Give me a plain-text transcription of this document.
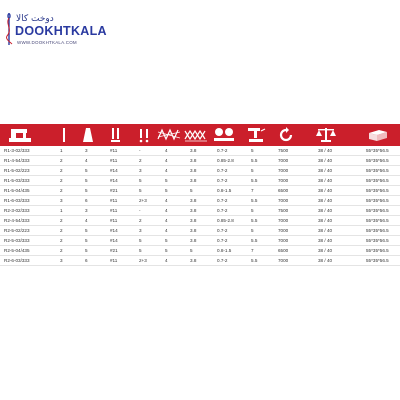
دوخت کالا
DOOKHTKALA
WWW.DOOKHTKALA.COM
R1-3-02/333	1	3	#11	-	4	3.8	0.7-2	5	7500	38 / 40	55*35*56.5
R1-4-54/333	2	4	#11	2	4	3.8	0.85-2.8	5.5	7000	38 / 40	55*35*56.5
R1-5-02/223	2	5	#14	3	4	3.8	0.7-2	5	7000	38 / 40	55*35*56.5
R1-5-03/333	2	5	#14	5	5	3.8	0.7-2	5.5	7000	38 / 40	55*35*56.5
R1-5-04/435	2	5	#21	5	5	5	0.8-1.5	7	6500	38 / 40	55*35*56.5
R1-6-03/333	3	6	#11	2+3	4	3.8	0.7-2	5.5	7000	38 / 40	55*35*56.5
R2-3-02/333	1	3	#11	-	4	3.8	0.7-2	5	7500	38 / 40	55*35*56.5
R2-4-54/333	2	4	#11	2	4	3.8	0.85-2.8	5.5	7000	38 / 40	55*35*56.5
R2-5-02/223	2	5	#14	3	4	3.8	0.7-2	5	7000	38 / 40	55*35*56.5
R2-5-03/333	2	5	#14	5	5	3.8	0.7-2	5.5	7000	38 / 40	55*35*56.5
R2-5-04/435	2	5	#21	5	5	5	0.8-1.5	7	6500	38 / 40	55*35*56.5
R2-6-03/333	3	6	#11	2+3	4	3.8	0.7-2	5.5	7000	38 / 40	55*35*56.5
